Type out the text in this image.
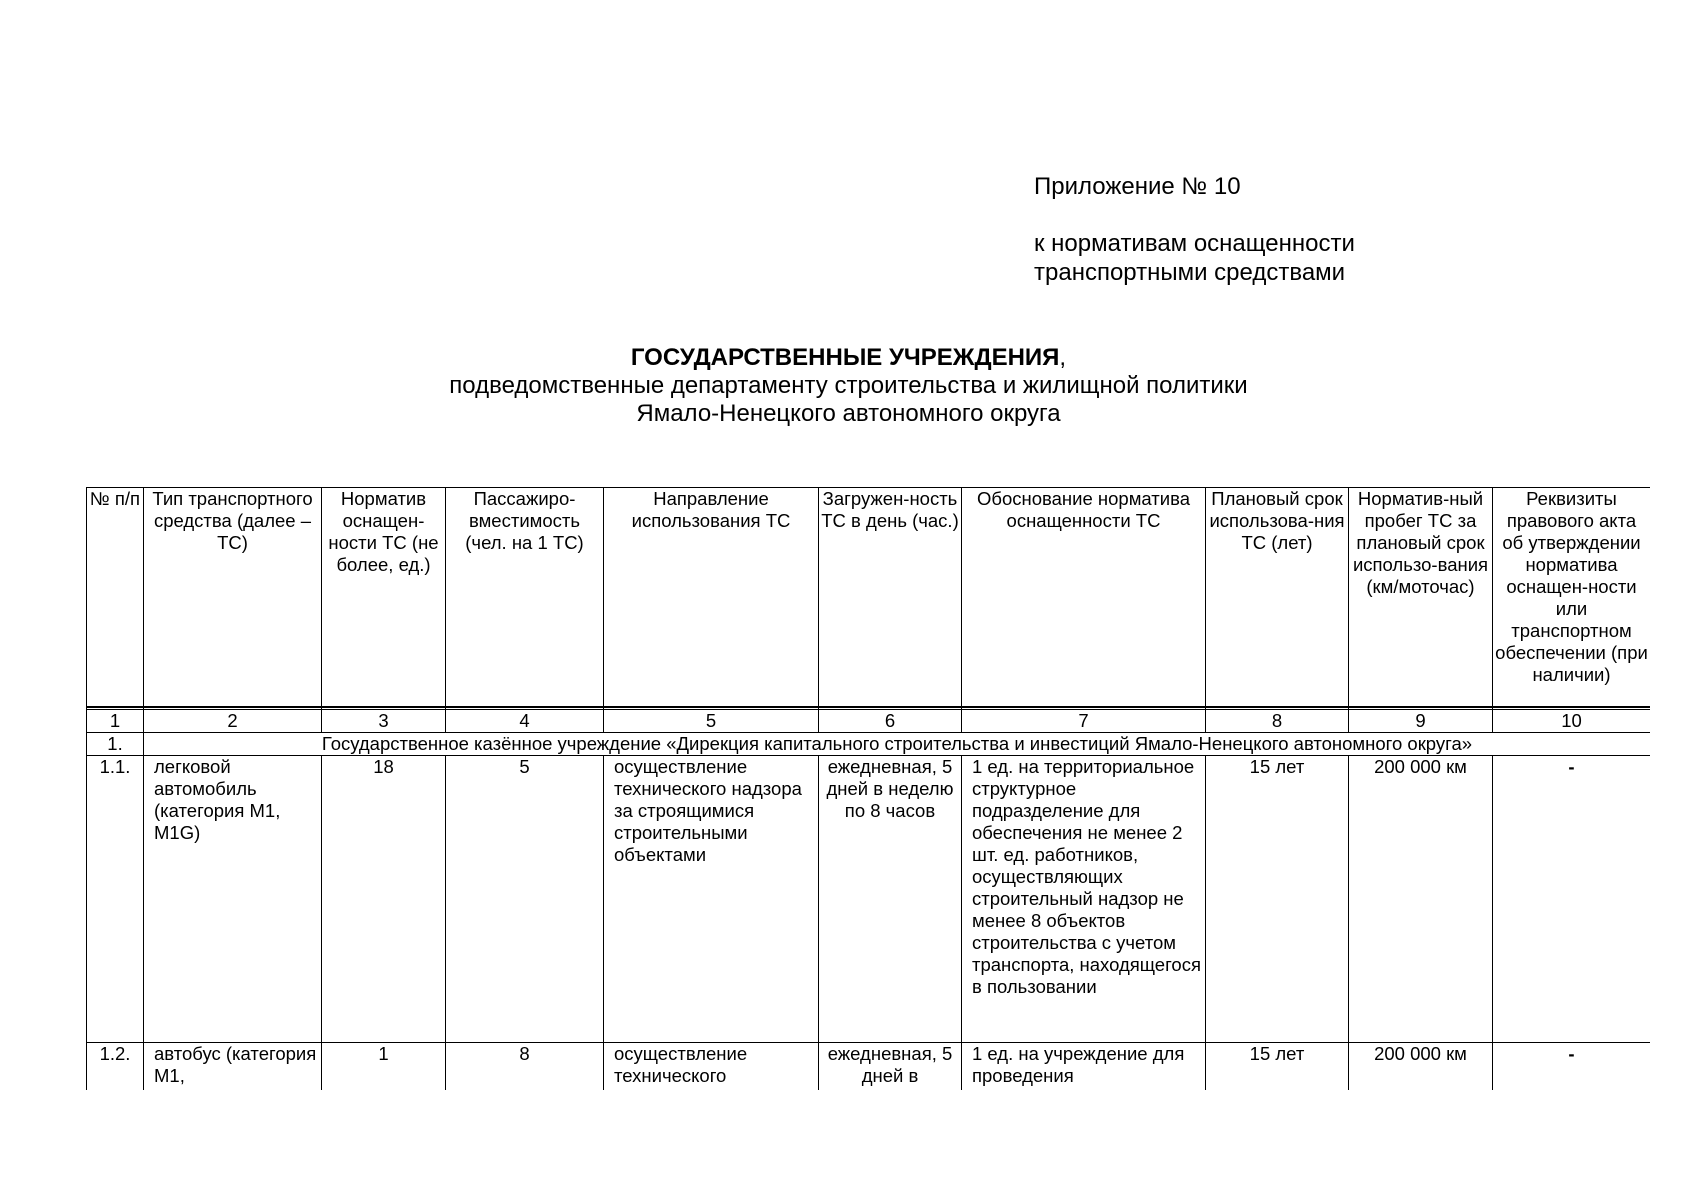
Приложение № 10
к нормативам оснащенности
транспортными средствами
ГОСУДАРСТВЕННЫЕ УЧРЕЖДЕНИЯ,
подведомственные департаменту строительства и жилищной политики
Ямало-Ненецкого автономного округа
№ п/п	Тип транспортного средства (далее – ТС)	Норматив оснащен-ности ТС (не более, ед.)	Пассажиро-вместимость (чел. на 1 ТС)	Направление использования ТС	Загружен-ность ТС в день (час.)	Обоснование норматива оснащенности ТС	Плановый срок использова-ния ТС (лет)	Норматив-ный пробег ТС за плановый срок использо-вания (км/моточас)	Реквизиты правового акта об утверждении норматива оснащен-ности или транспортном обеспечении (при наличии)

1	2	3	4	5	6	7	8	9	10
1.	Государственное казённое учреждение «Дирекция капитального строительства и инвестиций Ямало-Ненецкого автономного округа»								
1.1.	легковой автомобиль (категория М1, М1G)	18	5	осуществление технического надзора за строящимися строительными объектами	ежедневная, 5 дней в неделю по 8 часов	1 ед. на территориальное структурное подразделение для обеспечения не менее 2 шт. ед. работников, осуществляющих строительный надзор не менее 8 объектов строительства с учетом транспорта, находящегося в пользовании	15 лет	200 000 км	-
1.2.	автобус (категория М1,	1	8	осуществление технического	ежедневная, 5 дней в	1 ед. на учреждение для проведения	15 лет	200 000 км	-
